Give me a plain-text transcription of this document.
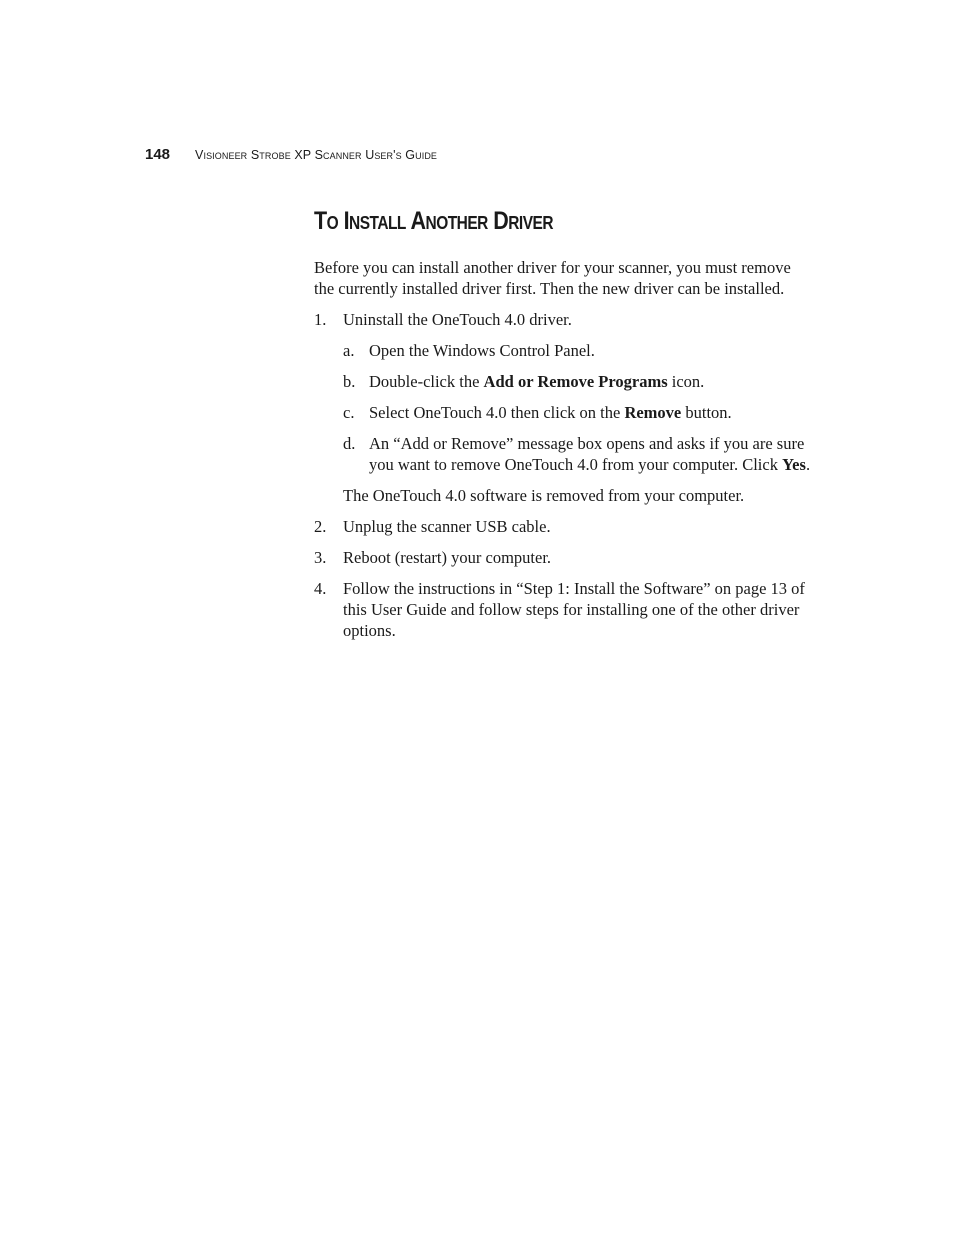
148 Visioneer Strobe XP Scanner User's Guide
To Install Another Driver

Before you can install another driver for your scanner, you must remove the currently installed driver first. Then the new driver can be installed.

1.	Uninstall the OneTouch 4.0 driver.
a. Open the Windows Control Panel.
b. Double-click the Add or Remove Programs icon.
c. Select OneTouch 4.0 then click on the Remove button.
d. An “Add or Remove” message box opens and asks if you are sure you want to remove OneTouch 4.0 from your computer. Click Yes.

The OneTouch 4.0 software is removed from your computer.

2.	Unplug the scanner USB cable.
3.	Reboot (restart) your computer.
4.	Follow the instructions in “Step 1: Install the Software” on page 13 of this User Guide and follow steps for installing one of the other driver options.
